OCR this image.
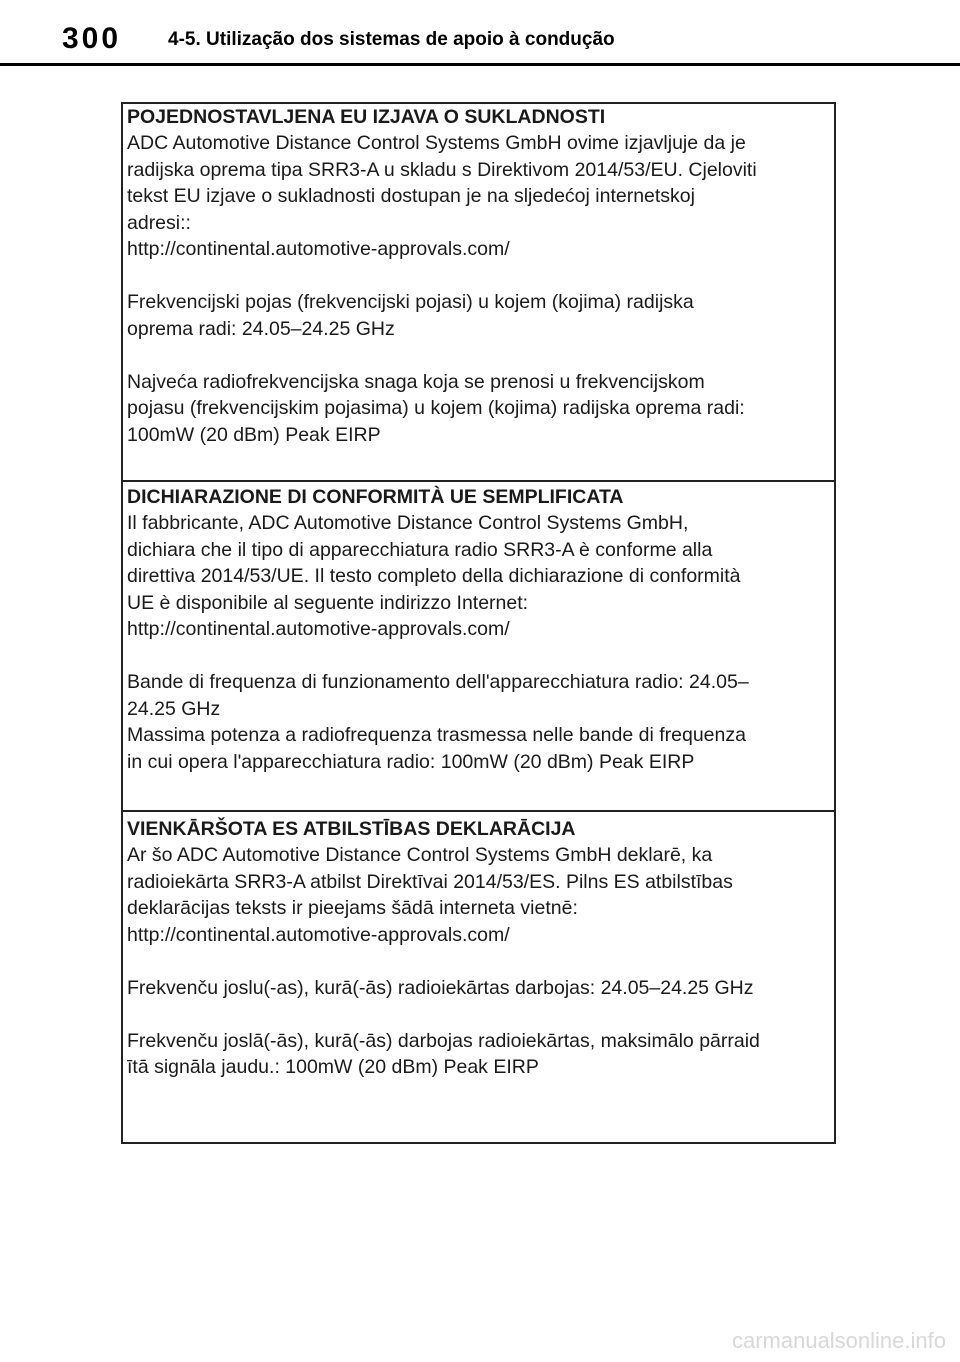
300 4-5. Utilização dos sistemas de apoio à condução
POJEDNOSTAVLJENA EU IZJAVA O SUKLADNOSTI
ADC Automotive Distance Control Systems GmbH ovime izjavljuje da je
radijska oprema tipa SRR3-A u skladu s Direktivom 2014/53/EU. Cjeloviti
tekst EU izjave o sukladnosti dostupan je na sljedećoj internetskoj
adresi::
http://continental.automotive-approvals.com/
Frekvencijski pojas (frekvencijski pojasi) u kojem (kojima) radijska
oprema radi: 24.05–24.25 GHz
Najveća radiofrekvencijska snaga koja se prenosi u frekvencijskom
pojasu (frekvencijskim pojasima) u kojem (kojima) radijska oprema radi:
100mW (20 dBm) Peak EIRP
DICHIARAZIONE DI CONFORMITÀ UE SEMPLIFICATA
Il fabbricante, ADC Automotive Distance Control Systems GmbH,
dichiara che il tipo di apparecchiatura radio SRR3-A è conforme alla
direttiva 2014/53/UE. Il testo completo della dichiarazione di conformità
UE è disponibile al seguente indirizzo Internet:
http://continental.automotive-approvals.com/
Bande di frequenza di funzionamento dell'apparecchiatura radio: 24.05–
24.25 GHz
Massima potenza a radiofrequenza trasmessa nelle bande di frequenza
in cui opera l'apparecchiatura radio: 100mW (20 dBm) Peak EIRP
VIENKĀRŠOTA ES ATBILSTĪBAS DEKLARĀCIJA
Ar šo ADC Automotive Distance Control Systems GmbH deklarē, ka
radioiekārta SRR3-A atbilst Direktīvai 2014/53/ES. Pilns ES atbilstības
deklarācijas teksts ir pieejams šādā interneta vietnē:
http://continental.automotive-approvals.com/
Frekvenču joslu(-as), kurā(-ās) radioiekārtas darbojas: 24.05–24.25 GHz
Frekvenču joslā(-ās), kurā(-ās) darbojas radioiekārtas, maksimālo pārraid
ītā signāla jaudu.: 100mW (20 dBm) Peak EIRP
carmanualsonline.info
